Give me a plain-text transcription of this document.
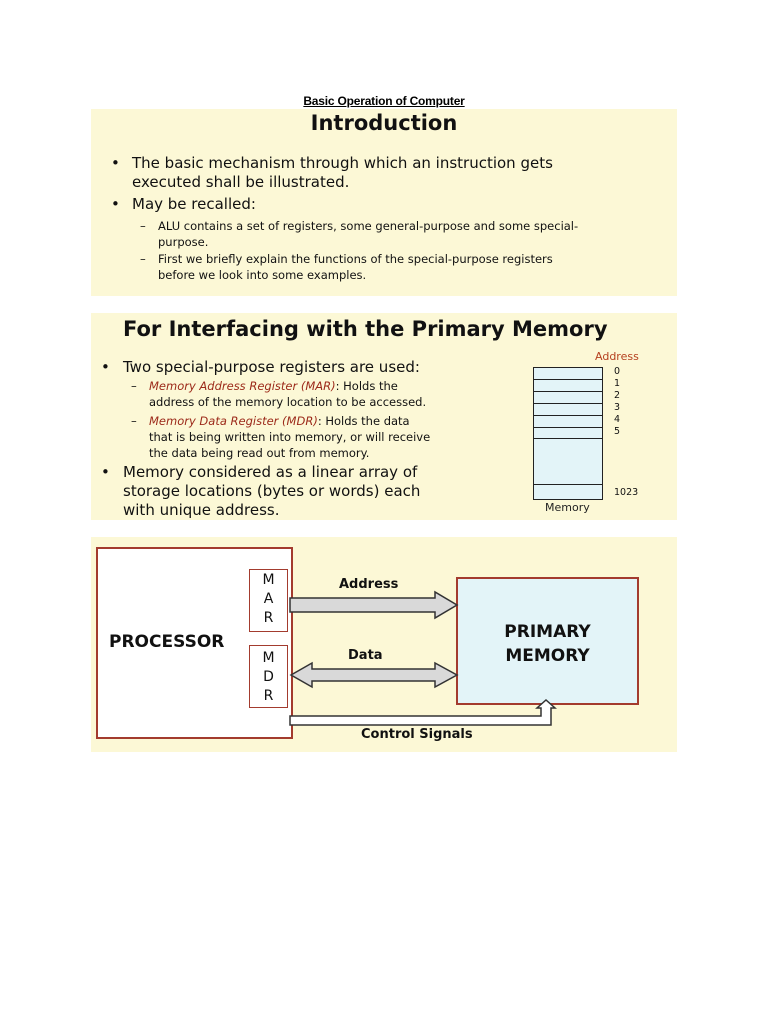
Basic Operation of Computer
Introduction
• The basic mechanism through which an instruction gets
executed shall be illustrated.
• May be recalled:
– ALU contains a set of registers, some general-purpose and some special-
purpose.
– First we briefly explain the functions of the special-purpose registers
before we look into some examples.
For Interfacing with the Primary Memory
• Two special-purpose registers are used:
– Memory Address Register (MAR): Holds the
address of the memory location to be accessed.
– Memory Data Register (MDR): Holds the data
that is being written into memory, or will receive
the data being read out from memory.
• Memory considered as a linear array of
storage locations (bytes or words) each
with unique address.
Address
0
1
2
3
4
5
1023
Memory
PROCESSOR
M
A
R
M
D
R
PRIMARY
MEMORY
Address
Data
Control Signals
